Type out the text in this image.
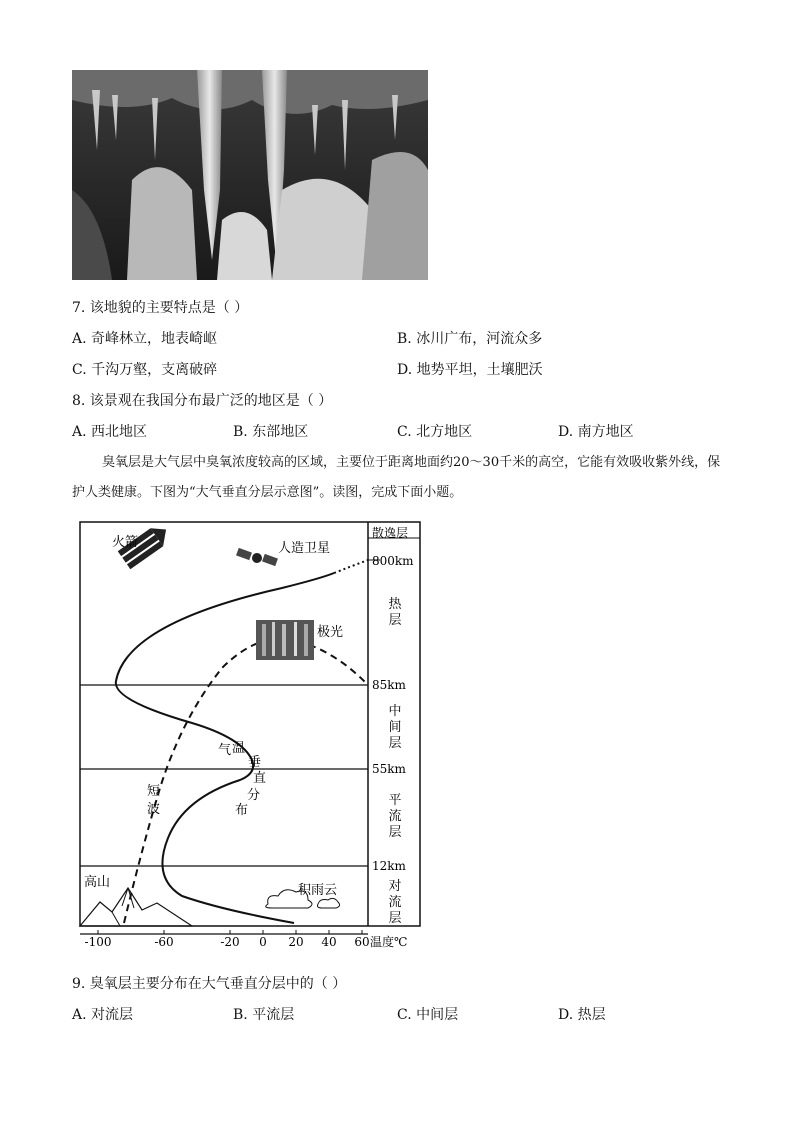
7. 该地貌的主要特点是（ ）
A. 奇峰林立，地表崎岖	B. 冰川广布，河流众多
C. 千沟万壑，支离破碎	D. 地势平坦，土壤肥沃
8. 该景观在我国分布最广泛的地区是（ ）
A. 西北地区	B. 东部地区	C. 北方地区	D. 南方地区
臭氧层是大气层中臭氧浓度较高的区域，主要位于距离地面约20～30千米的高空，它能有效吸收紫外线，保护人类健康。下图为“大气垂直分层示意图”。读图，完成下面小题。
散逸层
800km
85km
55km
12km
热
层
中
间
层
平
流
层
对
流
层
火箭	人造卫星
极光
气 温
垂
直
分
布
短
波
高山
积雨云
-100	-60	-20 0 20 40 60 温度℃
9. 臭氧层主要分布在大气垂直分层中的（ ）
A. 对流层	B. 平流层	C. 中间层	D. 热层
